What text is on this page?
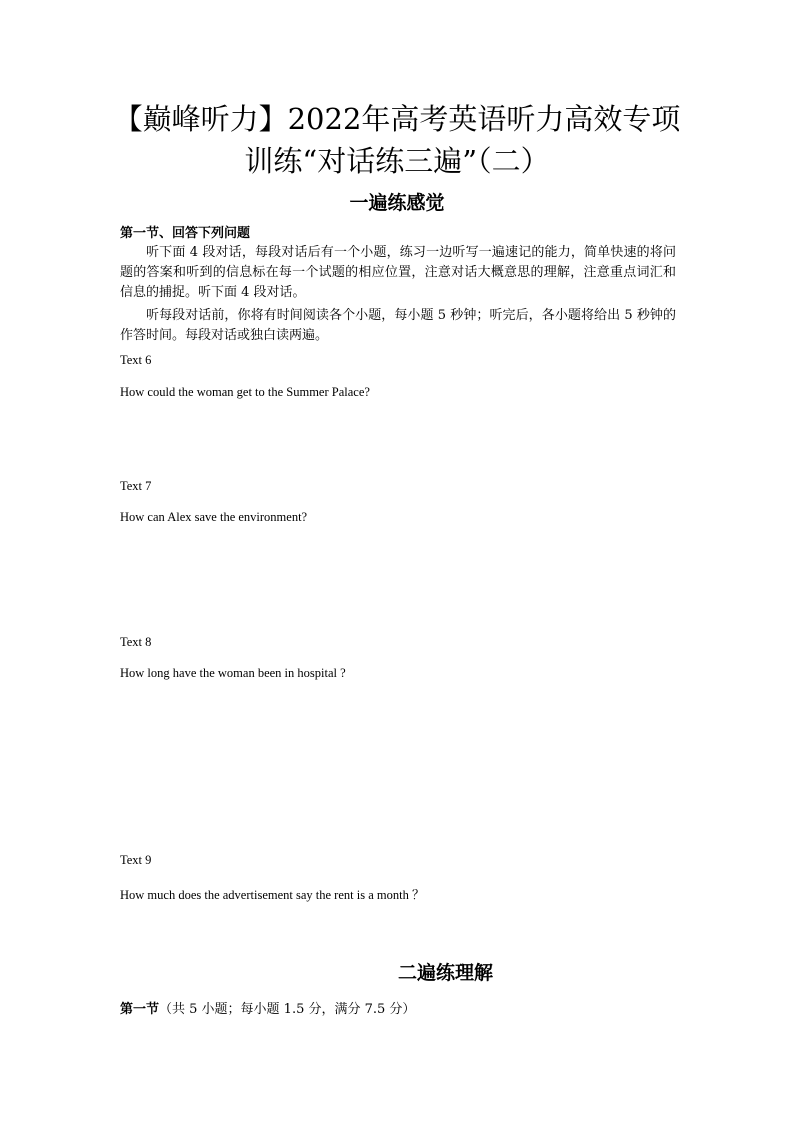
【巅峰听力】2022年高考英语听力高效专项训练“对话练三遍”（二）
一遍练感觉

第一节、回答下列问题

听下面 4 段对话，每段对话后有一个小题，练习一边听写一遍速记的能力，简单快速的将问题的答案和听到的信息标在每一个试题的相应位置，注意对话大概意思的理解，注意重点词汇和信息的捕捉。听下面 4 段对话。

听每段对话前，你将有时间阅读各个小题，每小题 5 秒钟；听完后，各小题将给出 5 秒钟的作答时间。每段对话或独白读两遍。

Text 6

How could the woman get to the Summer Palace?

Text 7

How can Alex save the environment?

Text 8

How long have the woman been in hospital ?

Text 9

How much does the advertisement say the rent is a month ？

二遍练理解

第一节（共 5 小题；每小题 1.5 分，满分 7.5 分）
